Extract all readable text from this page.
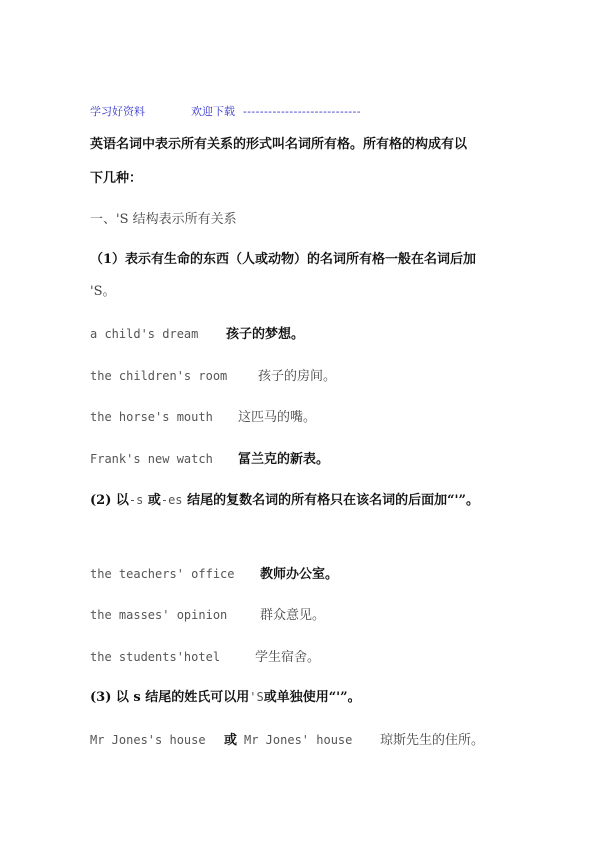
学习好资料	欢迎下载 ----------------------------
英语名词中表示所有关系的形式叫名词所有格。所有格的构成有以
下几种：
一、'S 结构表示所有关系
（1）表示有生命的东西（人或动物）的名词所有格一般在名词后加
'S。
a child's dream 孩子的梦想。
the children's room 孩子的房间。
the horse's mouth 这匹马的嘴。
Frank's new watch 冨兰克的新表。
(2) 以-s 或-es 结尾的复数名词的所有格只在该名词的后面加“'”。
the teachers' office 教师办公室。
the masses' opinion	群众意见。
the students'hotel	学生宿舍。
(3) 以 s 结尾的姓氏可以用'S或单独使用“'”。
Mr Jones's house 或 Mr Jones' house 琼斯先生的住所。
